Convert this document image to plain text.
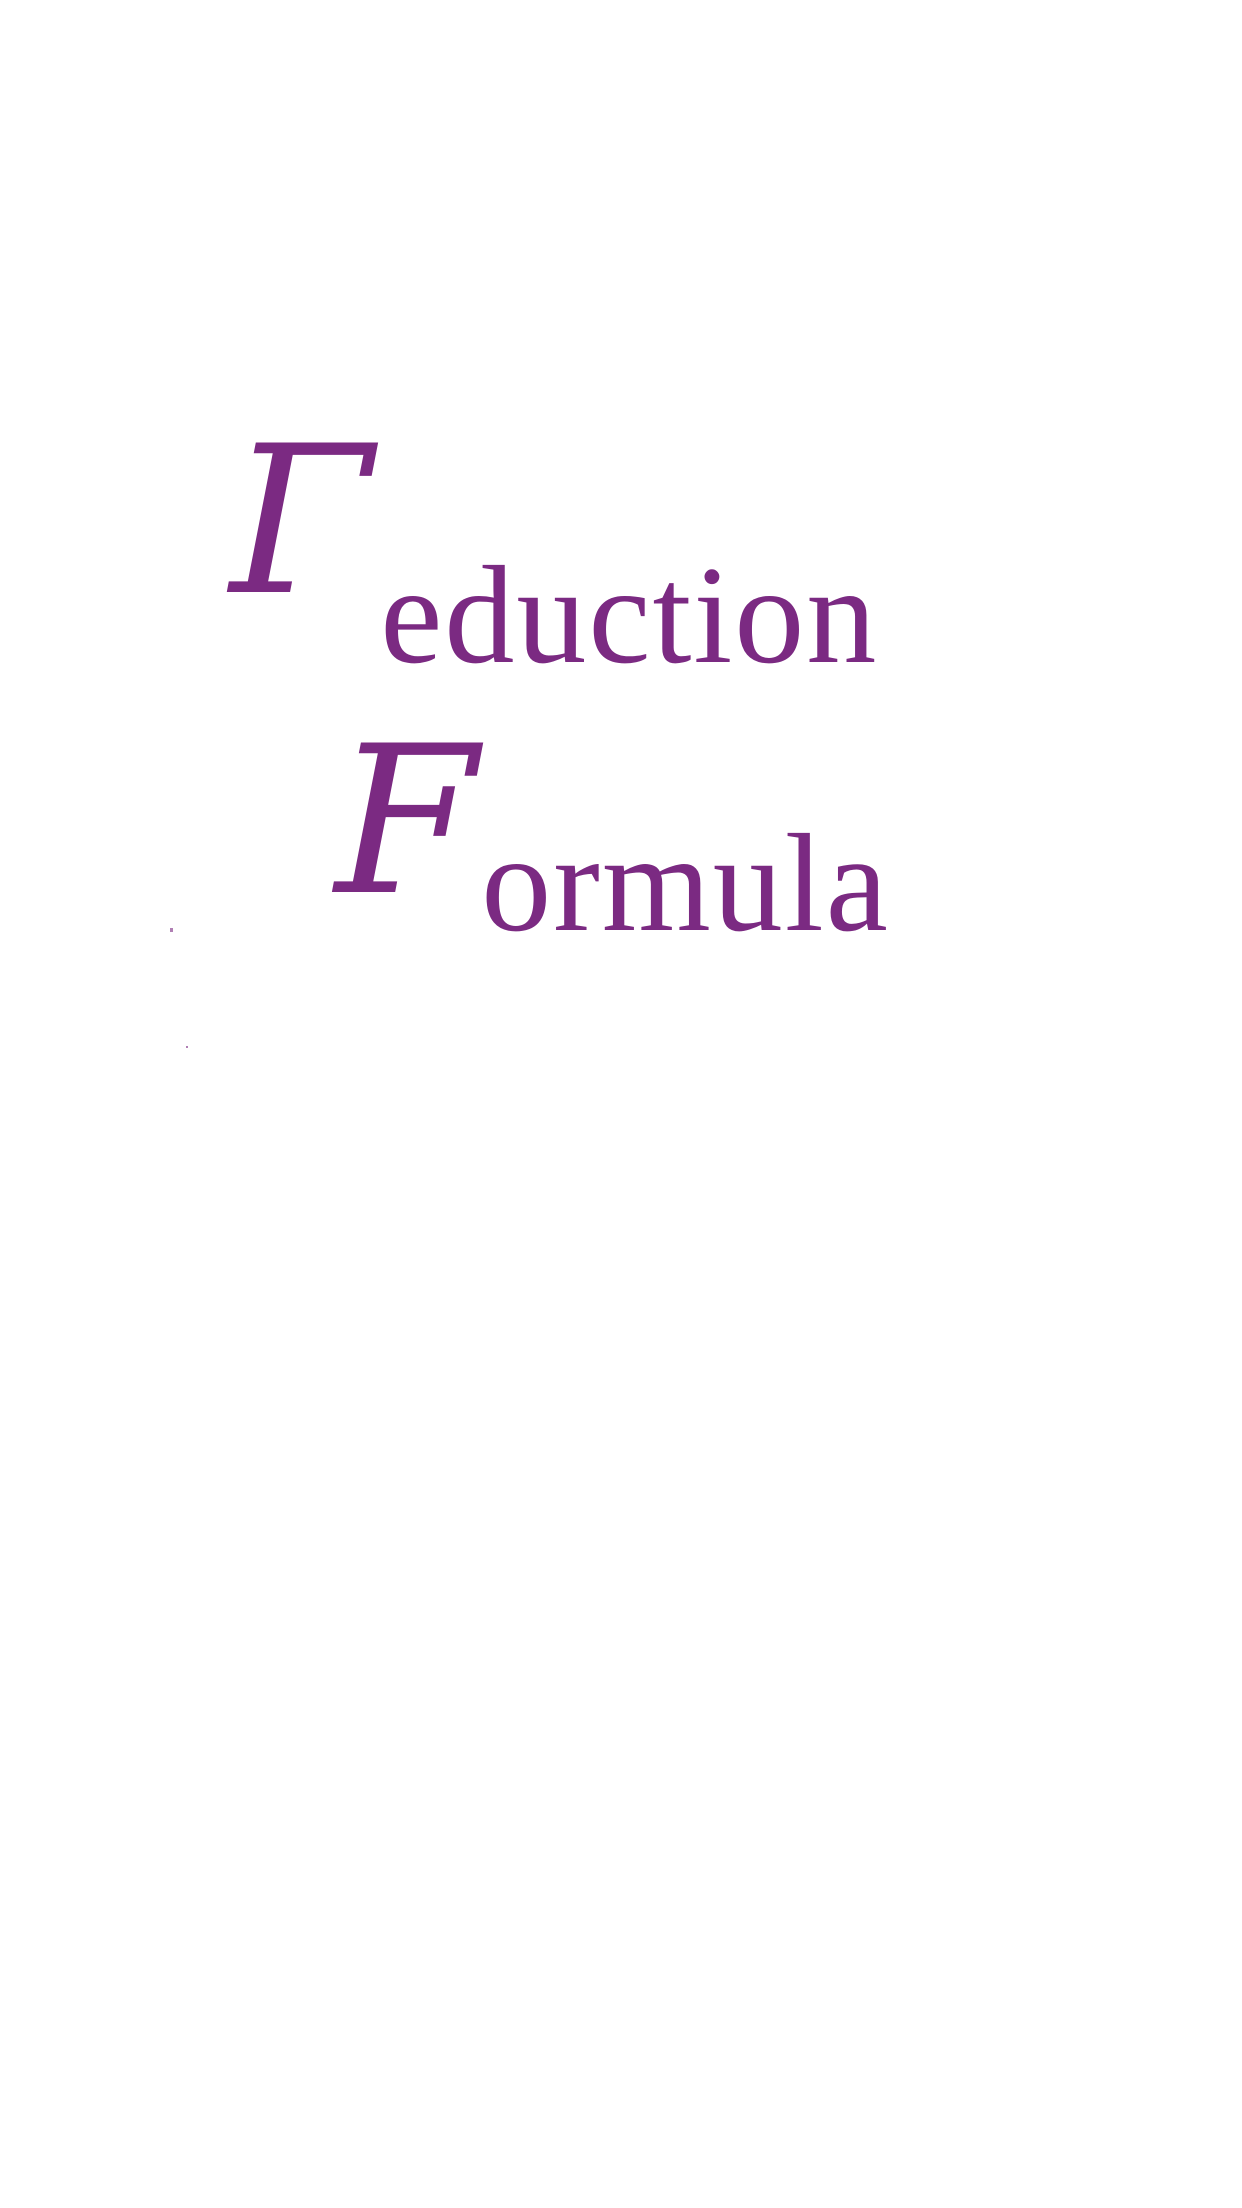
Γeduction
Formula
